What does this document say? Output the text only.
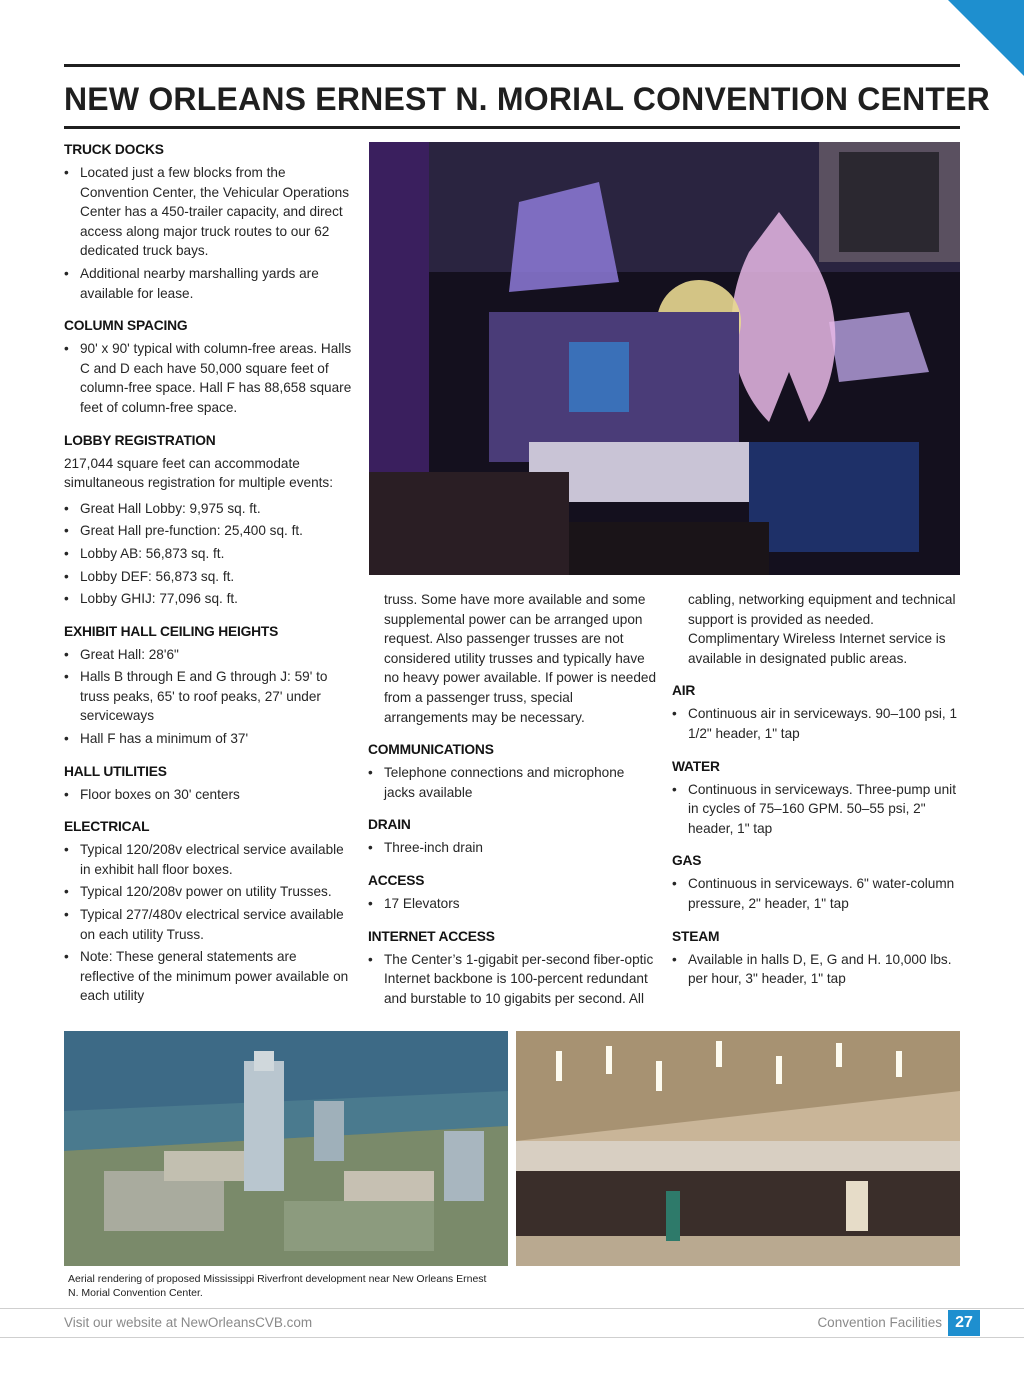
NEW ORLEANS ERNEST N. MORIAL CONVENTION CENTER
TRUCK DOCKS
• Located just a few blocks from the Convention Center, the Vehicular Operations Center has a 450-trailer capacity, and direct access along major truck routes to our 62 dedicated truck bays.
• Additional nearby marshalling yards are available for lease.
COLUMN SPACING
• 90' x 90' typical with column-free areas. Halls C and D each have 50,000 square feet of column-free space. Hall F has 88,658 square feet of column-free space.
LOBBY REGISTRATION

217,044 square feet can accommodate simultaneous registration for multiple events:

• Great Hall Lobby: 9,975 sq. ft.
• Great Hall pre-function: 25,400 sq. ft.
• Lobby AB: 56,873 sq. ft.
• Lobby DEF: 56,873 sq. ft.
• Lobby GHIJ: 77,096 sq. ft.
EXHIBIT HALL CEILING HEIGHTS
• Great Hall: 28'6"
• Halls B through E and G through J: 59' to truss peaks, 65' to roof peaks, 27' under serviceways
• Hall F has a minimum of 37'
HALL UTILITIES
• Floor boxes on 30' centers
ELECTRICAL
• Typical 120/208v electrical service available in exhibit hall floor boxes.
• Typical 120/208v power on utility Trusses.
• Typical 277/480v electrical service available on each utility Truss.
• Note: These general statements are reflective of the minimum power available on each utility

truss. Some have more available and some supplemental power can be arranged upon request. Also passenger trusses are not considered utility trusses and typically have no heavy power available. If power is needed from a passenger truss, special arrangements may be necessary.

COMMUNICATIONS
• Telephone connections and microphone jacks available
DRAIN
• Three-inch drain
ACCESS
• 17 Elevators
INTERNET ACCESS
• The Center’s 1-gigabit per-second fiber-optic Internet backbone is 100-percent redundant and burstable to 10 gigabits per second. All

cabling, networking equipment and technical support is provided as needed. Complimentary Wireless Internet service is available in designated public areas.

AIR
• Continuous air in serviceways. 90–100 psi, 1 1/2" header, 1" tap
WATER
• Continuous in serviceways. Three-pump unit in cycles of 75–160 GPM. 50–55 psi, 2" header, 1" tap
GAS
• Continuous in serviceways. 6" water-column pressure, 2" header, 1" tap
STEAM
• Available in halls D, E, G and H. 10,000 lbs. per hour, 3" header, 1" tap
Aerial rendering of proposed Mississippi Riverfront development near New Orleans Ernest N. Morial Convention Center.
Visit our website at NewOrleansCVB.com	Convention Facilities 27
